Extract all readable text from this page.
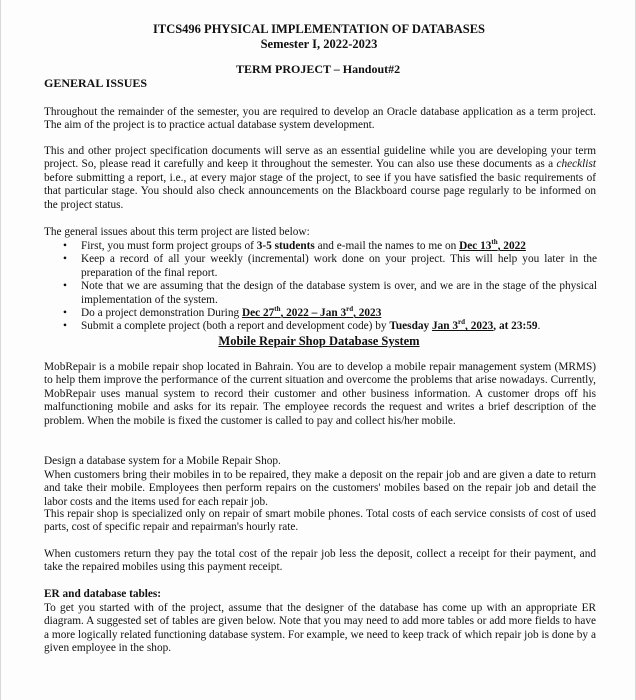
ITCS496 PHYSICAL IMPLEMENTATION OF DATABASES
Semester I, 2022-2023
TERM PROJECT – Handout#2
GENERAL ISSUES
Throughout the remainder of the semester, you are required to develop an Oracle database application as a term project. The aim of the project is to practice actual database system development.
This and other project specification documents will serve as an essential guideline while you are developing your term project. So, please read it carefully and keep it throughout the semester. You can also use these documents as a checklist before submitting a report, i.e., at every major stage of the project, to see if you have satisfied the basic requirements of that particular stage. You should also check announcements on the Blackboard course page regularly to be informed on the project status.
The general issues about this term project are listed below:
• First, you must form project groups of 3-5 students and e-mail the names to me on Dec 13th, 2022
• Keep a record of all your weekly (incremental) work done on your project. This will help you later in the preparation of the final report.
• Note that we are assuming that the design of the database system is over, and we are in the stage of the physical implementation of the system.
• Do a project demonstration During Dec 27th, 2022 – Jan 3rd, 2023
• Submit a complete project (both a report and development code) by Tuesday Jan 3rd, 2023, at 23:59.
Mobile Repair Shop Database System
MobRepair is a mobile repair shop located in Bahrain. You are to develop a mobile repair management system (MRMS) to help them improve the performance of the current situation and overcome the problems that arise nowadays. Currently, MobRepair uses manual system to record their customer and other business information. A customer drops off his malfunctioning mobile and asks for its repair. The employee records the request and writes a brief description of the problem. When the mobile is fixed the customer is called to pay and collect his/her mobile.
Design a database system for a Mobile Repair Shop.
When customers bring their mobiles in to be repaired, they make a deposit on the repair job and are given a date to return and take their mobile. Employees then perform repairs on the customers' mobiles based on the repair job and detail the labor costs and the items used for each repair job.
This repair shop is specialized only on repair of smart mobile phones. Total costs of each service consists of cost of used parts, cost of specific repair and repairman's hourly rate.
When customers return they pay the total cost of the repair job less the deposit, collect a receipt for their payment, and take the repaired mobiles using this payment receipt.
ER and database tables:
To get you started with of the project, assume that the designer of the database has come up with an appropriate ER diagram. A suggested set of tables are given below. Note that you may need to add more tables or add more fields to have a more logically related functioning database system. For example, we need to keep track of which repair job is done by a given employee in the shop.
